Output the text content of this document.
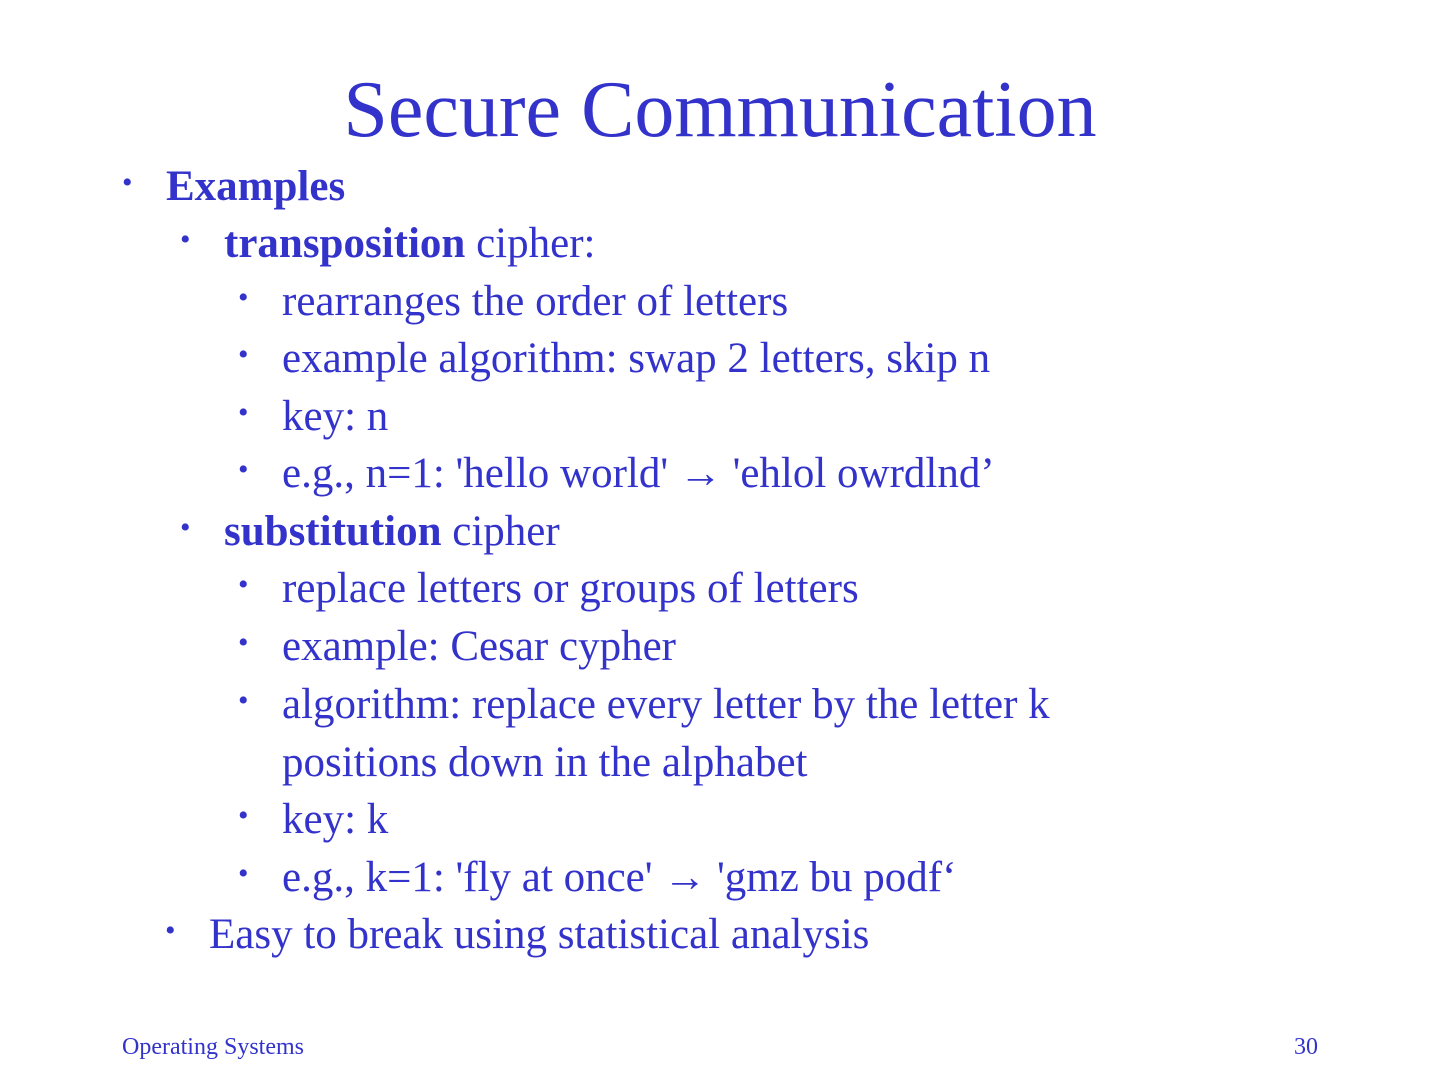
Secure Communication
• Examples
• transposition cipher:
• rearranges the order of letters
• example algorithm: swap 2 letters, skip n
• key: n
• e.g., n=1: 'hello world' → 'ehlol owrdlnd’
• substitution cipher
• replace letters or groups of letters
• example: Cesar cypher
• algorithm: replace every letter by the letter k
positions down in the alphabet
• key: k
• e.g., k=1: 'fly at once' → 'gmz bu podf‘
• Easy to break using statistical analysis
Operating Systems	30
